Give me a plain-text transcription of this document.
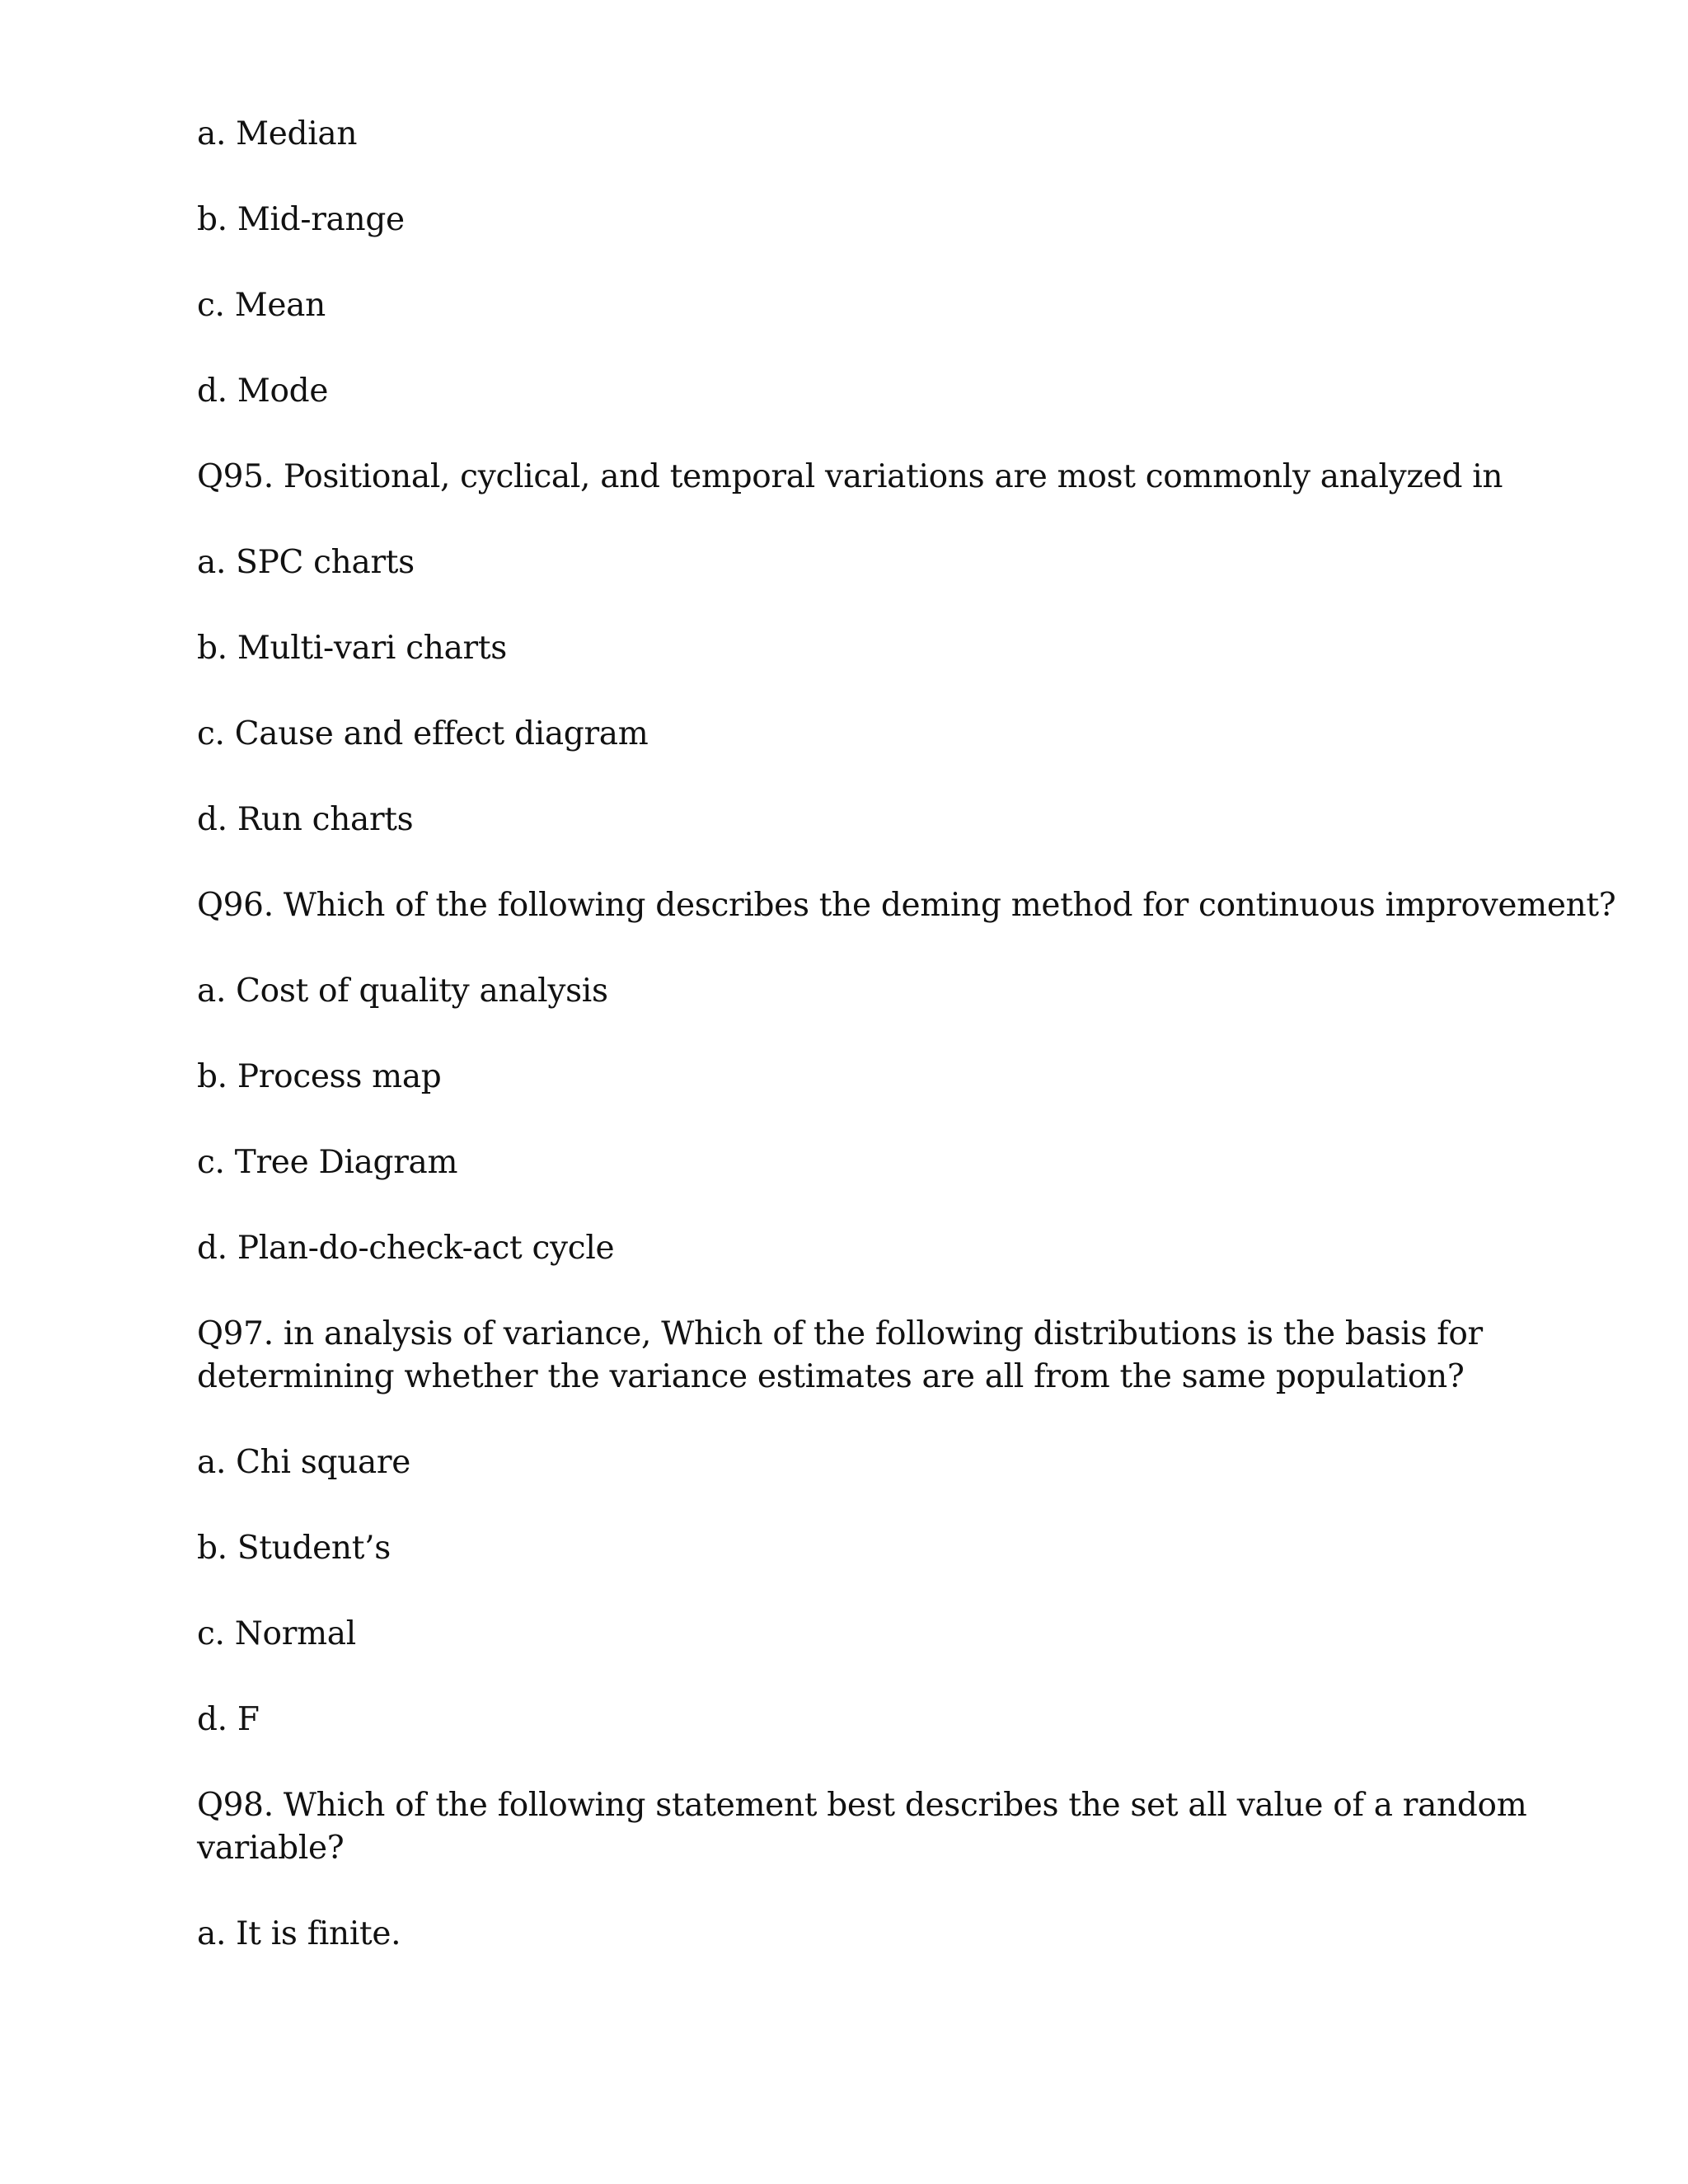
a. Median
b. Mid-range
c. Mean
d. Mode
Q95. Positional, cyclical, and temporal variations are most commonly analyzed in
a. SPC charts
b. Multi-vari charts
c. Cause and effect diagram
d. Run charts
Q96. Which of the following describes the deming method for continuous improvement?
a. Cost of quality analysis
b. Process map
c. Tree Diagram
d. Plan-do-check-act cycle
Q97. in analysis of variance, Which of the following distributions is the basis for
determining whether the variance estimates are all from the same population?
a. Chi square
b. Student’s
c. Normal
d. F
Q98. Which of the following statement best describes the set all value of a random
variable?
a. It is finite.
